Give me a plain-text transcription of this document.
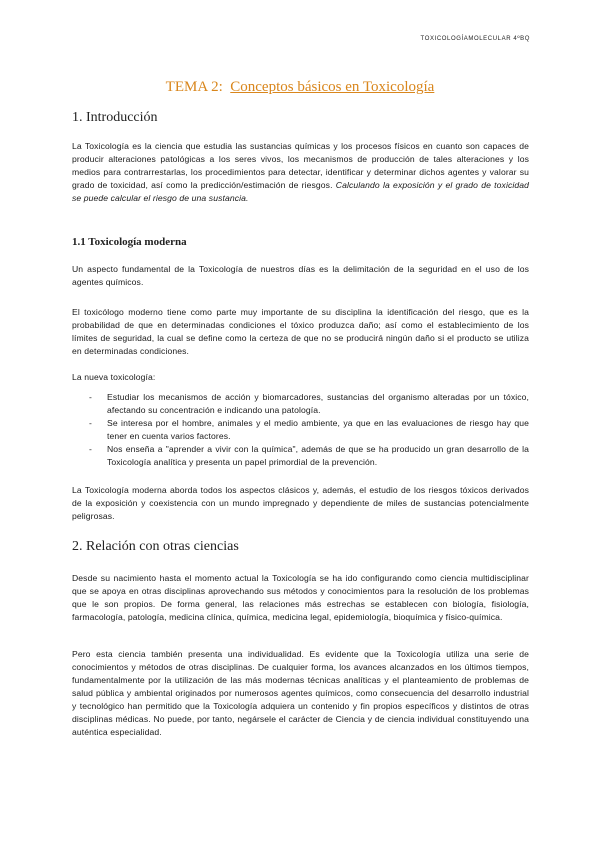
TOXICOLOGÍAMOLECULAR 4ºBQ
TEMA 2: Conceptos básicos en Toxicología
1. Introducción

La Toxicología es la ciencia que estudia las sustancias químicas y los procesos físicos en cuanto son capaces de producir alteraciones patológicas a los seres vivos, los mecanismos de producción de tales alteraciones y los medios para contrarrestarlas, los procedimientos para detectar, identificar y determinar dichos agentes y valorar su grado de toxicidad, así como la predicción/estimación de riesgos. Calculando la exposición y el grado de toxicidad se puede calcular el riesgo de una sustancia.

1.1 Toxicología moderna

Un aspecto fundamental de la Toxicología de nuestros días es la delimitación de la seguridad en el uso de los agentes químicos.

El toxicólogo moderno tiene como parte muy importante de su disciplina la identificación del riesgo, que es la probabilidad de que en determinadas condiciones el tóxico produzca daño; así como el establecimiento de los límites de seguridad, la cual se define como la certeza de que no se producirá ningún daño si el producto se utiliza en determinadas condiciones.

La nueva toxicología:

- Estudiar los mecanismos de acción y biomarcadores, sustancias del organismo alteradas por un tóxico, afectando su concentración e indicando una patología.
- Se interesa por el hombre, animales y el medio ambiente, ya que en las evaluaciones de riesgo hay que tener en cuenta varios factores.
- Nos enseña a "aprender a vivir con la química", además de que se ha producido un gran desarrollo de la Toxicología analítica y presenta un papel primordial de la prevención.

La Toxicología moderna aborda todos los aspectos clásicos y, además, el estudio de los riesgos tóxicos derivados de la exposición y coexistencia con un mundo impregnado y dependiente de miles de sustancias potencialmente peligrosas.

2. Relación con otras ciencias

Desde su nacimiento hasta el momento actual la Toxicología se ha ido configurando como ciencia multidisciplinar que se apoya en otras disciplinas aprovechando sus métodos y conocimientos para la resolución de los problemas que le son propios. De forma general, las relaciones más estrechas se establecen con biología, fisiología, farmacología, patología, medicina clínica, química, medicina legal, epidemiología, bioquímica y físico-química.

Pero esta ciencia también presenta una individualidad. Es evidente que la Toxicología utiliza una serie de conocimientos y métodos de otras disciplinas. De cualquier forma, los avances alcanzados en los últimos tiempos, fundamentalmente por la utilización de las más modernas técnicas analíticas y el planteamiento de problemas de salud pública y ambiental originados por numerosos agentes químicos, como consecuencia del desarrollo industrial y tecnológico han permitido que la Toxicología adquiera un contenido y fin propios específicos y distintos de otras disciplinas médicas. No puede, por tanto, negársele el carácter de Ciencia y de ciencia individual constituyendo una auténtica especialidad.
